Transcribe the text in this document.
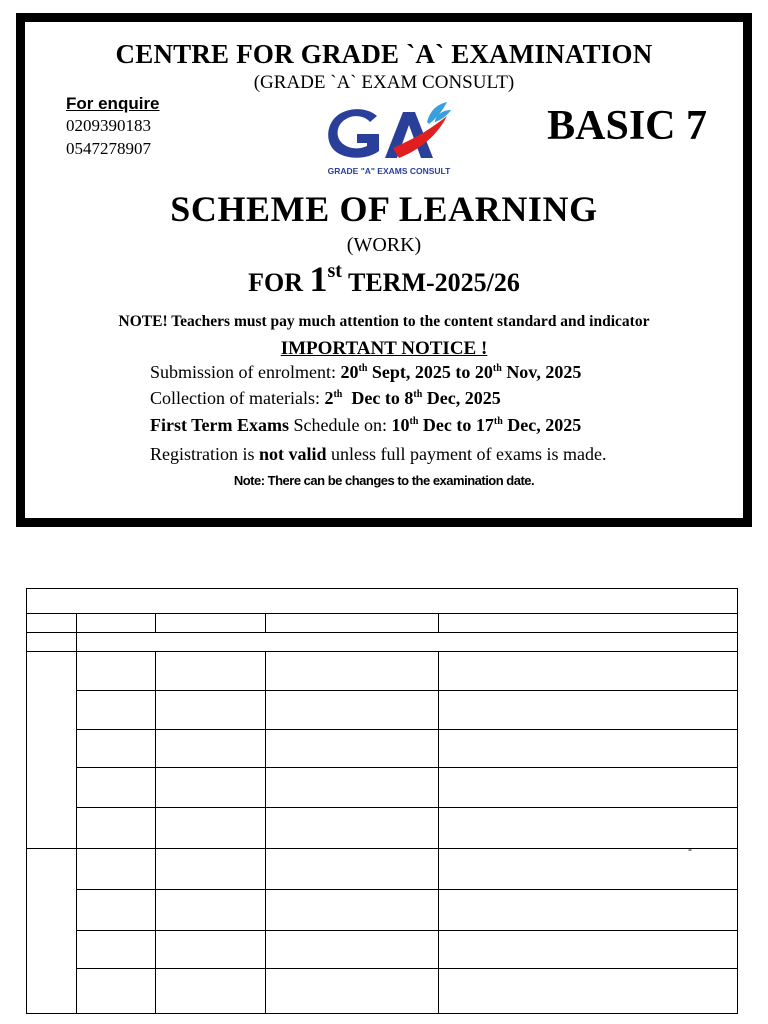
CENTRE FOR GRADE `A` EXAMINATION

(GRADE `A` EXAM CONSULT)

For enquire

0209390183

0547278907

GRADE "A" EXAMS CONSULT

BASIC 7

SCHEME OF LEARNING

(WORK)

FOR 1st TERM-2025/26

NOTE! Teachers must pay much attention to the content standard and indicator

IMPORTANT NOTICE !

Submission of enrolment: 20th Sept, 2025 to 20th Nov, 2025

Collection of materials: 2th Dec to 8th Dec, 2025

First Term Exams Schedule on: 10th Dec to 17th Dec, 2025

Registration is not valid unless full payment of exams is made.

Note: There can be changes to the examination date.

-
